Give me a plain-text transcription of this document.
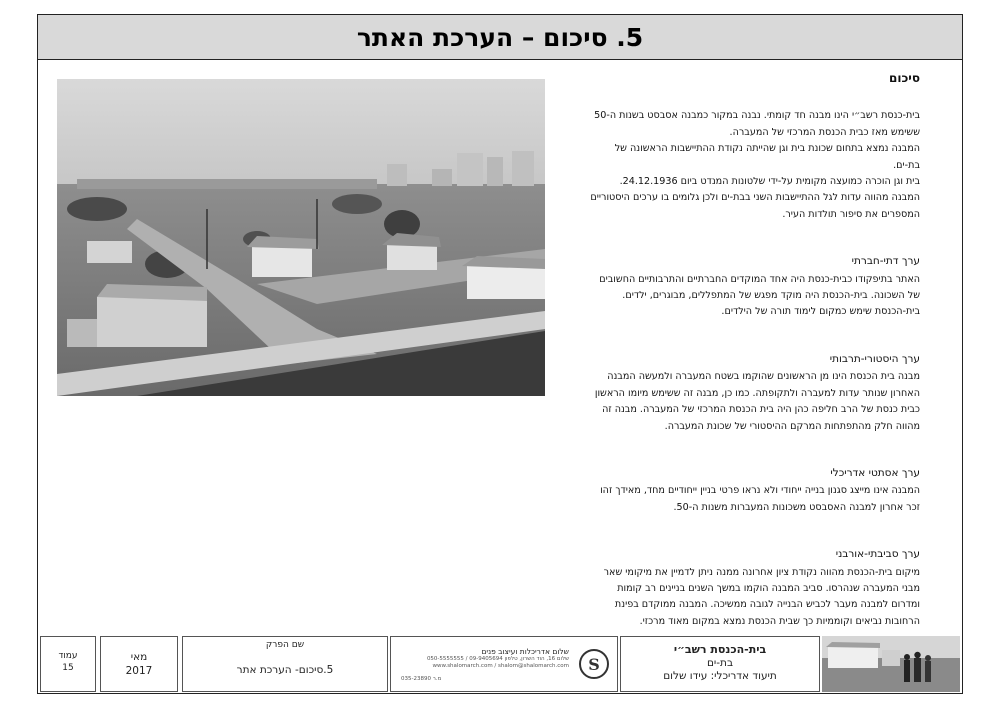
5. סיכום – הערכת האתר
סיכום

בית-כנסת רשב״י הינו מבנה חד קומתי. נבנה במקור כמבנה אסבסט בשנות ה-50 ששימש מאז כבית הכנסת המרכזי של המעברה.

המבנה נמצא בתחום שכונת בית וגן שהייתה נקודת ההתיישבות הראשונה של בת-ים.

בית וגן הוכרה כמועצה מקומית על-ידי שלטונות המנדט ביום 24.12.1936.

המבנה מהווה עדות לגל ההתיישבות השני בבת-ים ולכן גלומים בו ערכים היסטוריים המספרים את סיפור תולדות העיר.

ערך דתי-חברתי

האתר בתיפקודו כבית-כנסת היה אחד המוקדים החברתיים והתרבותיים החשובים של השכונה. בית-הכנסת היה מוקד מפגש של המתפללים, מבוגרים, ילדים. בית-הכנסת שימש כמקום לימוד תורה של הילדים.

ערך היסטורי-תרבותי

מבנה בית הכנסת הינו מן הראשונים שהוקמו בשטח המעברה ולמעשה המבנה האחרון שנותר עדות למעברה ולתקופתה. כמו כן, מבנה זה ששימש מיומו הראשון כבית כנסת של הרב חליפה כהן היה בית הכנסת המרכזי של המעברה. מבנה זה מהווה חלק מהתפתחות המרקם ההיסטורי של שכונת המעברה.

ערך אסתטי אדריכלי

המבנה אינו מייצג סגנון בנייה ייחודי ולא נראו פרטי בניין ייחודיים מחד, מאידך זהו זכר אחרון למבנה האסבסט משכונות המעברות משנות ה-50.

ערך סביבתי-אורבני

מיקום בית-הכנסת מהווה נקודת ציון אחרונה ממנה ניתן לדמיין את מיקומי שאר מבני המעברה שנהרסו. סביב המבנה הוקמו במשך השנים בניינים רב קומות ומדרום למבנה מעבר לכביש הבנייה לגובה ממשיכה. המבנה ממוקדם בפינת הרחובות נביאים וקוממיות כך שבית הכנסת נמצא במקום מאוד מרכזי.

עמוד
15
מאי
2017
שם הפרק
5.סיכום- הערכת אתר	S
שלום אדריכלות ועיצוב פנים
שלום 16, הוד השרון, טלפון 09-9405694 / 050-5555555
www.shalomarch.com / shalom@shalomarch.com
מ.ר 035-23890
בית-הכנסת רשב״י
בת-ים
תיעוד אדריכלי: עידו שלום
